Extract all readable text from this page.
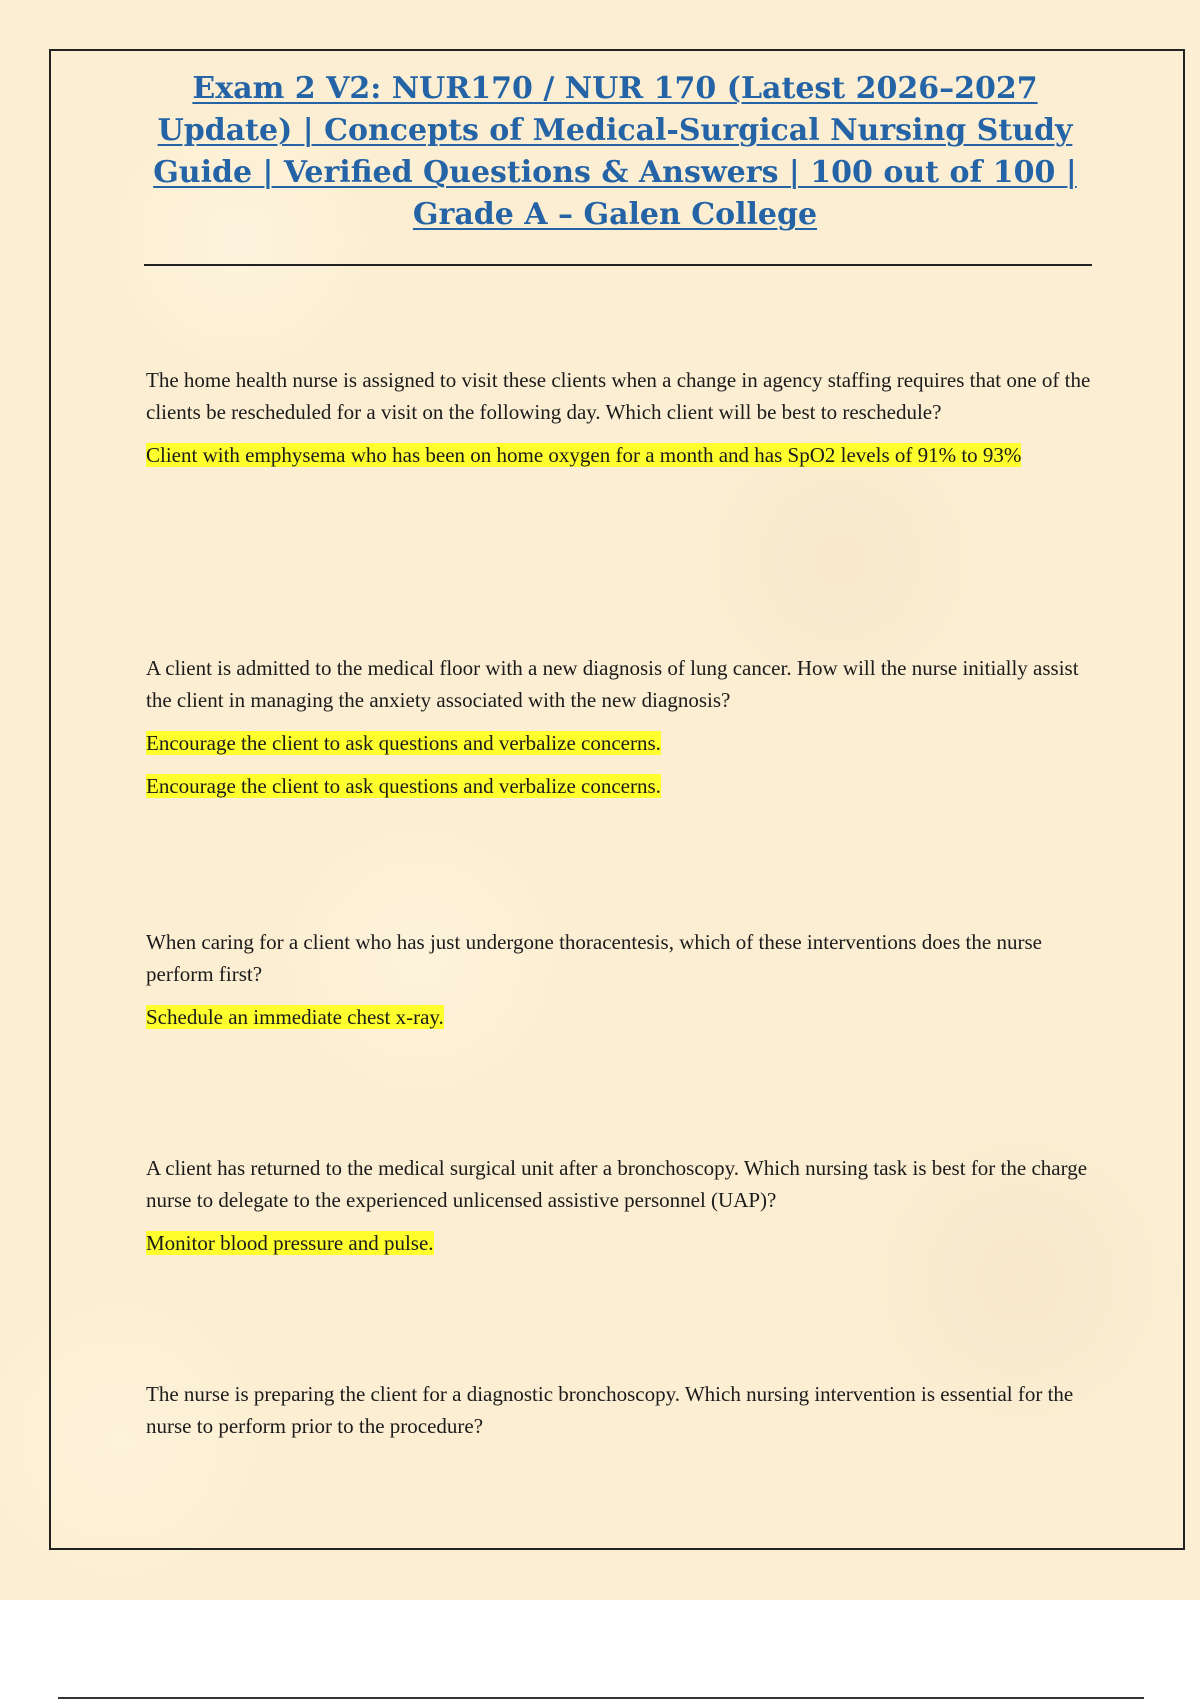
Exam 2 V2: NUR170 / NUR 170 (Latest 2026–2027 Update) | Concepts of Medical-Surgical Nursing Study Guide | Verified Questions & Answers | 100 out of 100 | Grade A – Galen College

The home health nurse is assigned to visit these clients when a change in agency staffing requires that one of the clients be rescheduled for a visit on the following day. Which client will be best to reschedule?

Client with emphysema who has been on home oxygen for a month and has SpO2 levels of 91% to 93%

A client is admitted to the medical floor with a new diagnosis of lung cancer. How will the nurse initially assist the client in managing the anxiety associated with the new diagnosis?

Encourage the client to ask questions and verbalize concerns.

Encourage the client to ask questions and verbalize concerns.

When caring for a client who has just undergone thoracentesis, which of these interventions does the nurse perform first?

Schedule an immediate chest x-ray.

A client has returned to the medical surgical unit after a bronchoscopy. Which nursing task is best for the charge nurse to delegate to the experienced unlicensed assistive personnel (UAP)?

Monitor blood pressure and pulse.

The nurse is preparing the client for a diagnostic bronchoscopy. Which nursing intervention is essential for the nurse to perform prior to the procedure?
